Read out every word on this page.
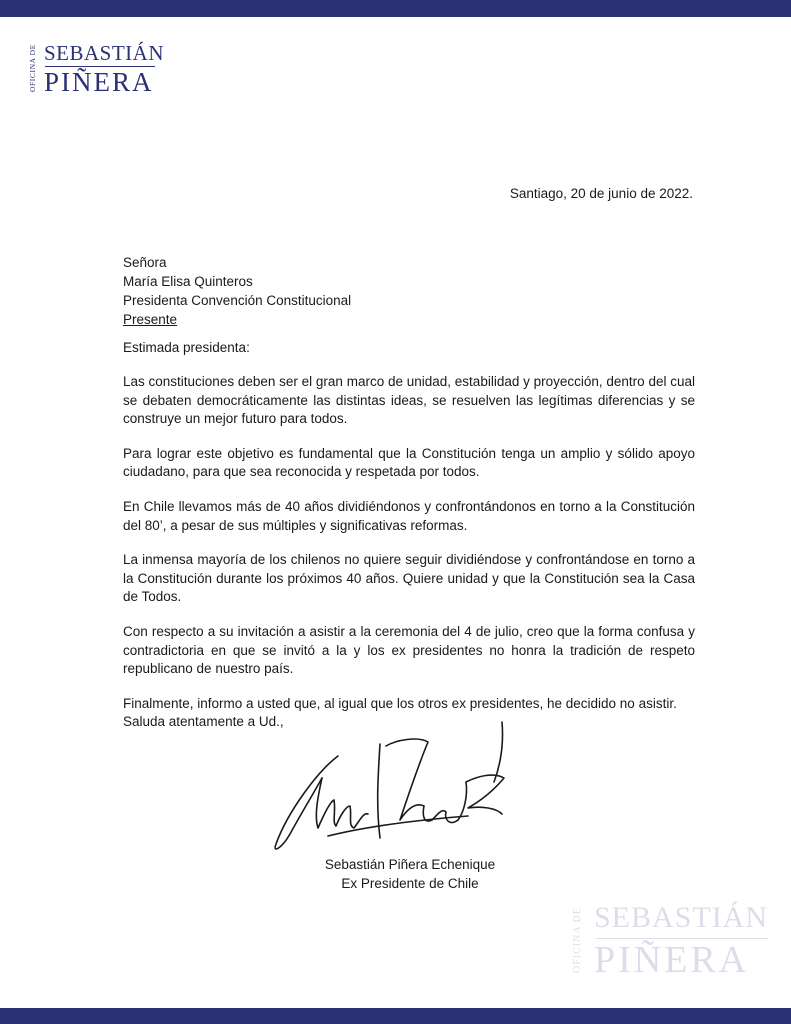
OFICINA DE SEBASTIÁN
PIÑERA
Santiago, 20 de junio de 2022.
Señora
María Elisa Quinteros
Presidenta Convención Constitucional
Presente
Estimada presidenta:

Las constituciones deben ser el gran marco de unidad, estabilidad y proyección, dentro del cual se debaten democráticamente las distintas ideas, se resuelven las legítimas diferencias y se construye un mejor futuro para todos.

Para lograr este objetivo es fundamental que la Constitución tenga un amplio y sólido apoyo ciudadano, para que sea reconocida y respetada por todos.

En Chile llevamos más de 40 años dividiéndonos y confrontándonos en torno a la Constitución del 80’, a pesar de sus múltiples y significativas reformas.

La inmensa mayoría de los chilenos no quiere seguir dividiéndose y confrontándose en torno a la Constitución durante los próximos 40 años. Quiere unidad y que la Constitución sea la Casa de Todos.

Con respecto a su invitación a asistir a la ceremonia del 4 de julio, creo que la forma confusa y contradictoria en que se invitó a la y los ex presidentes no honra la tradición de respeto republicano de nuestro país.

Finalmente, informo a usted que, al igual que los otros ex presidentes, he decidido no asistir.

Saluda atentamente a Ud.,
Sebastián Piñera Echenique
Ex Presidente de Chile
OFICINA DE SEBASTIÁN
PIÑERA
